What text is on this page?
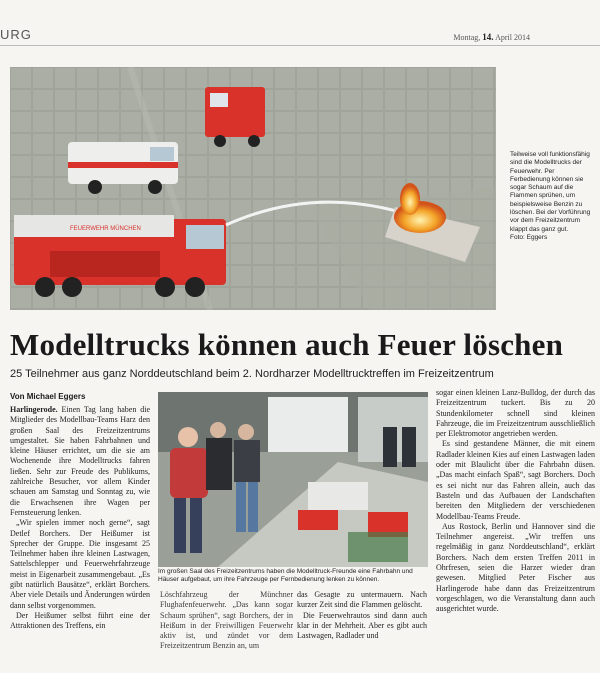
URG	Montag, 14. April 2014
FEUERWEHR MÜNCHEN
Teilweise voll funktionsfähig sind die Modelltrucks der Feuerwehr. Per Ferbedienung können sie sogar Schaum auf die Flammen sprühen, um beispielsweise Benzin zu löschen. Bei der Vorführung vor dem Freizeitzentrum klappt das ganz gut.
Foto: Eggers
Modelltrucks können auch Feuer löschen
25 Teilnehmer aus ganz Norddeutschland beim 2. Nordharzer Modelltrucktreffen im Freizeitzentrum
Von Michael Eggers

Harlingerode. Einen Tag lang haben die Mitglieder des Modellbau-Teams Harz den großen Saal des Freizeitzentrums umgestaltet. Sie haben Fahrbahnen und kleine Häuser errichtet, um die sie am Wochenende ihre Modelltrucks fahren ließen. Sehr zur Freude des Publikums, zahlreiche Besucher, vor allem Kinder schauen am Samstag und Sonntag zu, wie die Erwachsenen ihre Wagen per Fernsteuerung lenken.

„Wir spielen immer noch gerne“, sagt Detlef Borchers. Der Heißumer ist Sprecher der Gruppe. Die insgesamt 25 Teilnehmer haben ihre kleinen Lastwagen, Sattelschlepper und Feuerwehrfahrzeuge meist in Eigenarbeit zusammengebaut. „Es gibt natürlich Bausätze“, erklärt Borchers. Aber viele Details und Änderungen würden dann selbst vorgenommen.

Der Heißumer selbst führt eine der Attraktionen des Treffens, ein

Im großen Saal des Freizeitzentrums haben die Modelltruck-Freunde eine Fahrbahn und Häuser aufgebaut, um ihre Fahrzeuge per Fernbedienung lenken zu können.

Löschfahrzeug der Münchner Flughafenfeuerwehr. „Das kann sogar Schaum sprühen“, sagt Borchers, der in Heißum in der Freiwilligen Feuerwehr aktiv ist, und zündet vor dem Freizeitzentrum Benzin an, um

das Gesagte zu untermauern. Nach kurzer Zeit sind die Flammen gelöscht.

Die Feuerwehrautos sind dann auch klar in der Mehrheit. Aber es gibt auch Lastwagen, Radlader und

sogar einen kleinen Lanz-Bulldog, der durch das Freizeitzentrum tuckert. Bis zu 20 Stundenkilometer schnell sind kleinen Fahrzeuge, die im Freizeitzentrum ausschließlich per Elektromotor angetrieben werden.

Es sind gestandene Männer, die mit einem Radlader kleinen Kies auf einen Lastwagen laden oder mit Blaulicht über die Fahrbahn düsen. „Das macht einfach Spaß“, sagt Borchers. Doch es sei nicht nur das Fahren allein, auch das Basteln und das Aufbauen der Landschaften bereiten den Mitgliedern der verschiedenen Modellbau-Teams Freude.

Aus Rostock, Berlin und Hannover sind die Teilnehmer angereist. „Wir treffen uns regelmäßig in ganz Norddeutschland“, erklärt Borchers. Nach dem ersten Treffen 2011 in Ohrfresen, seien die Harzer wieder dran gewesen. Mitglied Peter Fischer aus Harlingerode habe dann das Freizeitzentrum vorgeschlagen, wo die Veranstaltung dann auch ausgerichtet wurde.
